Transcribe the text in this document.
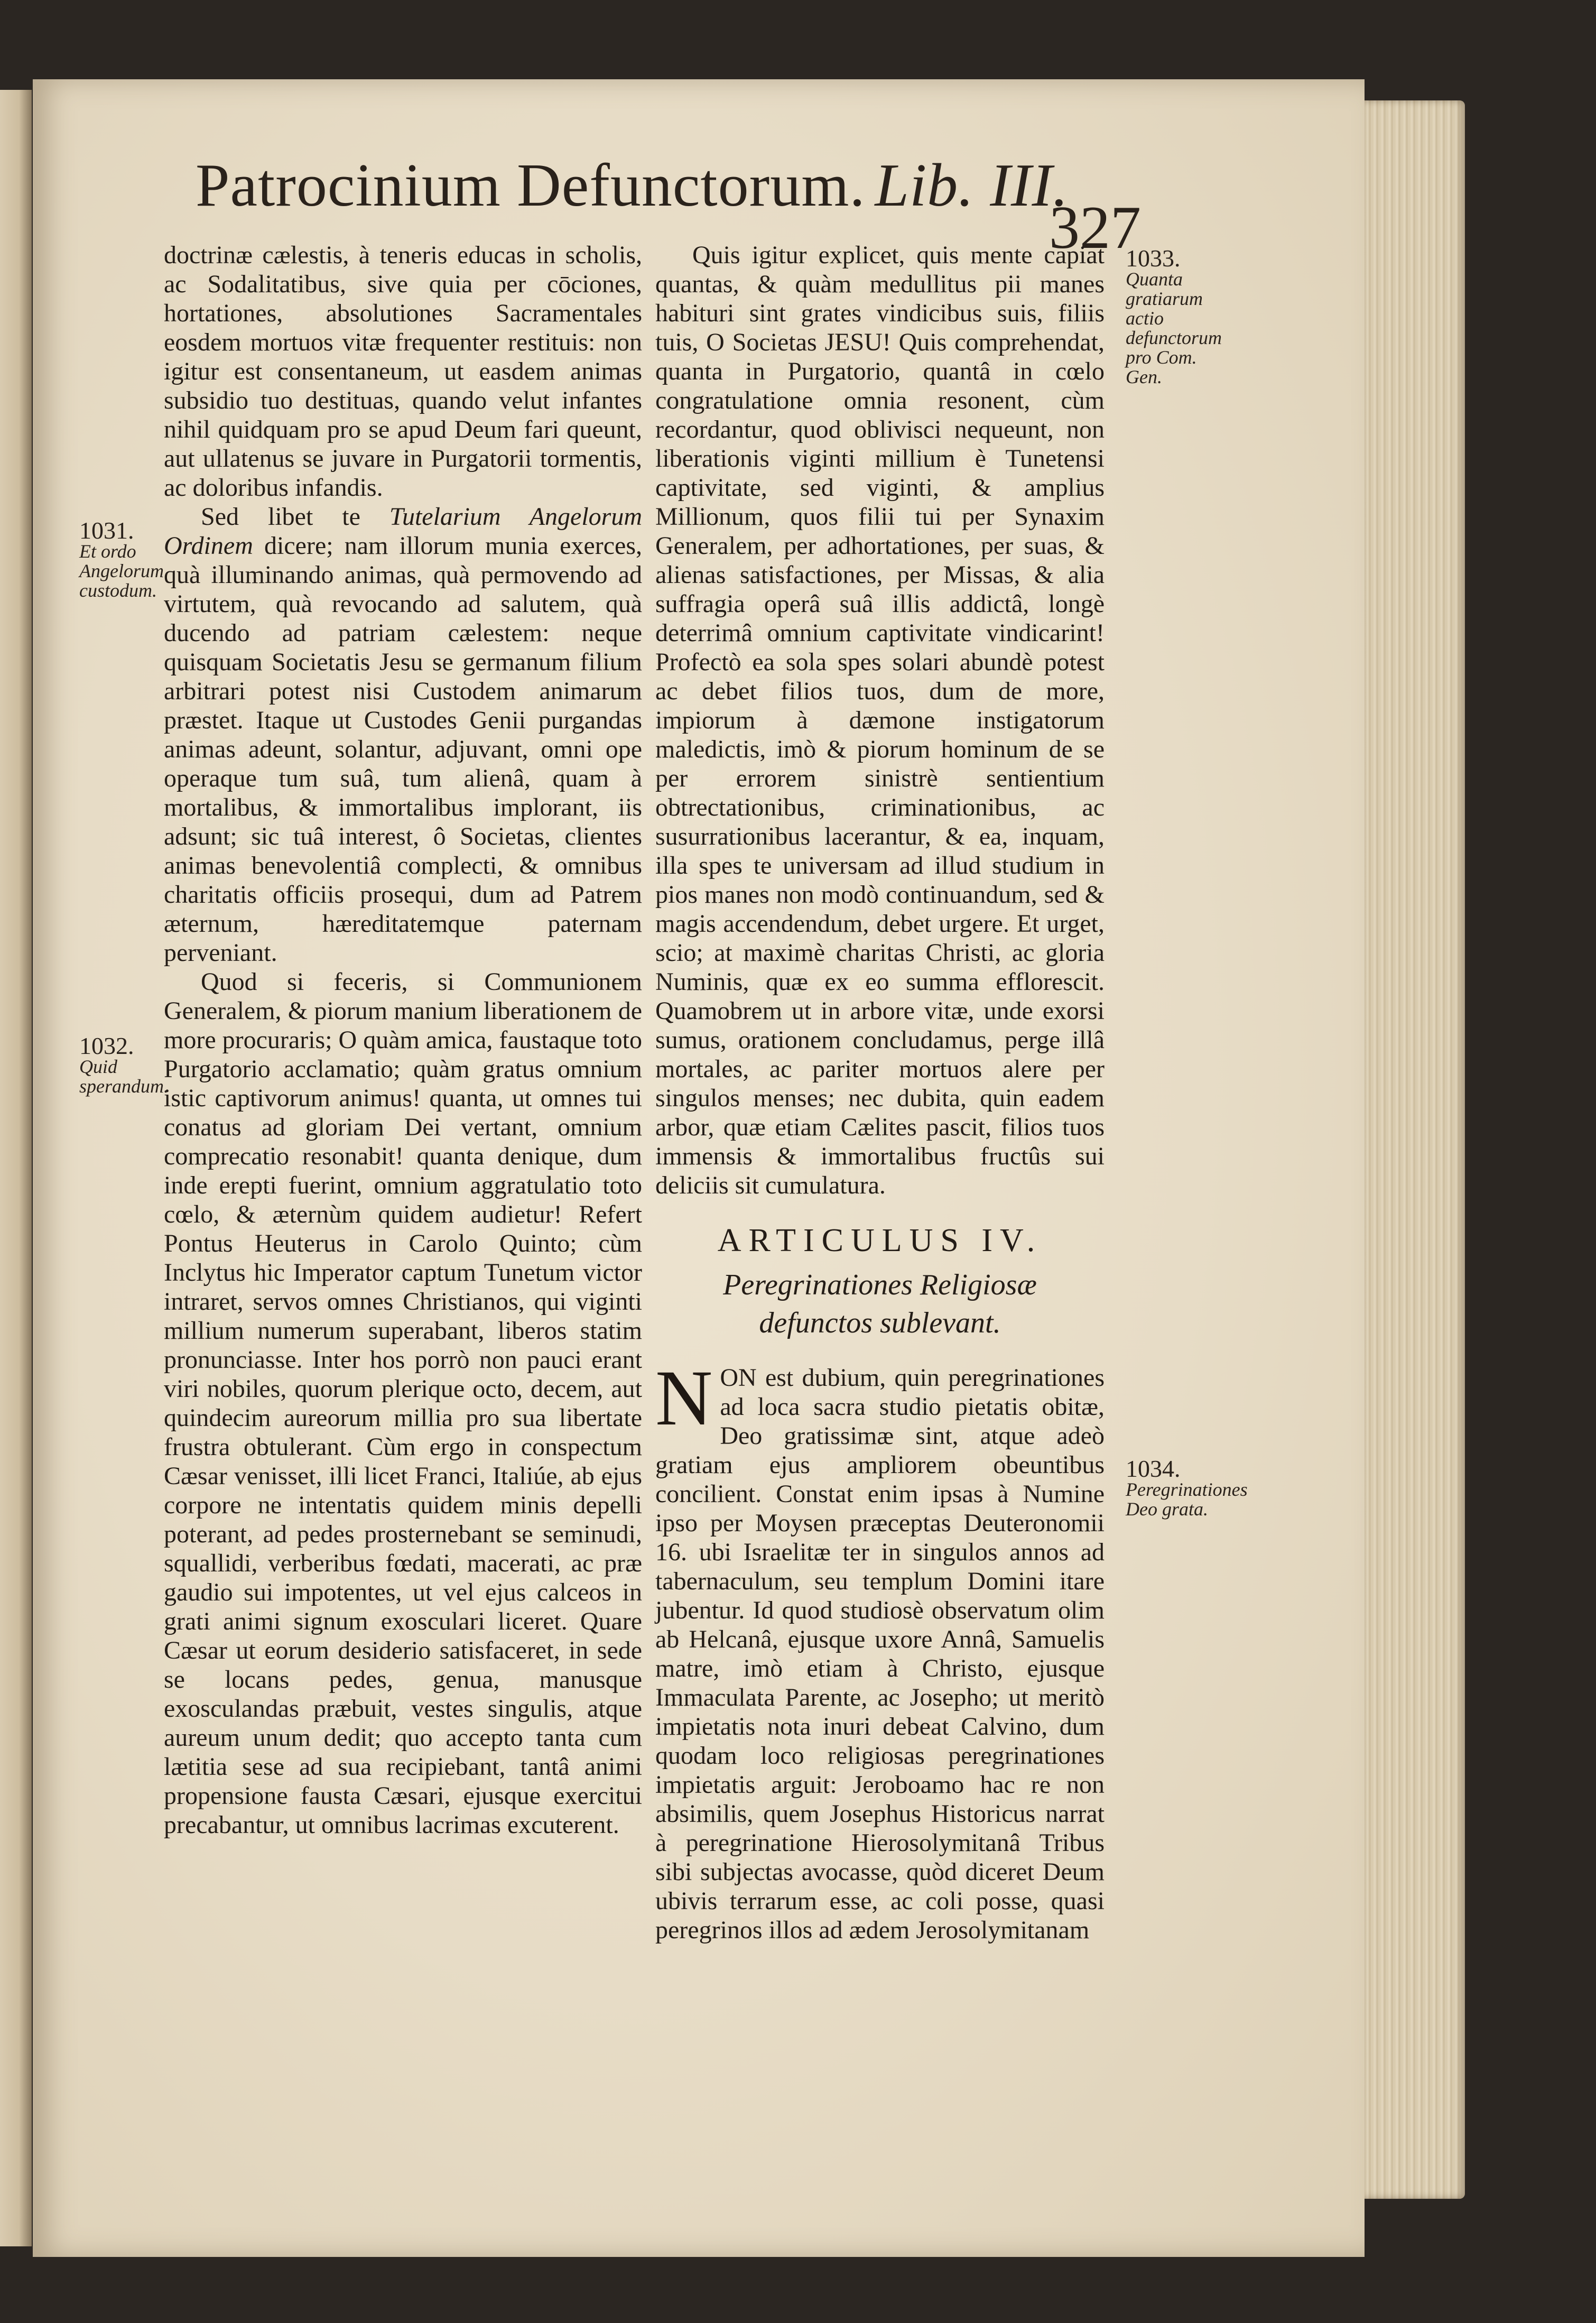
Patrocinium Defunctorum. Lib. III.
327

doctrinæ cælestis, à teneris educas in scholis, ac Sodalitatibus, sive quia per cōciones, hortationes, absolutiones Sacramentales eosdem mortuos vitæ frequenter restituis: non igitur est consentaneum, ut easdem animas subsidio tuo destituas, quando velut infantes nihil quidquam pro se apud Deum fari queunt, aut ullatenus se juvare in Purgatorii tormentis, ac doloribus infandis.

Sed libet te Tutelarium Angelorum Ordinem dicere; nam illorum munia exerces, quà illuminando animas, quà permovendo ad virtutem, quà revocando ad salutem, quà ducendo ad patriam cælestem: neque quisquam Societatis Jesu se germanum filium arbitrari potest nisi Custodem animarum præstet. Itaque ut Custodes Genii purgandas animas adeunt, solantur, adjuvant, omni ope operaque tum suâ, tum alienâ, quam à mortalibus, & immortalibus implorant, iis adsunt; sic tuâ interest, ô Societas, clientes animas benevolentiâ complecti, & omnibus charitatis officiis prosequi, dum ad Patrem æternum, hæreditatemque paternam perveniant.

Quod si feceris, si Communionem Generalem, & piorum manium liberationem de more procuraris; O quàm amica, faustaque toto Purgatorio acclamatio; quàm gratus omnium istic captivorum animus! quanta, ut omnes tui conatus ad gloriam Dei vertant, omnium comprecatio resonabit! quanta denique, dum inde erepti fuerint, omnium aggratulatio toto cœlo, & æternùm quidem audietur! Refert Pontus Heuterus in Carolo Quinto; cùm Inclytus hic Imperator captum Tunetum victor intraret, servos omnes Christianos, qui viginti millium numerum superabant, liberos statim pronunciasse. Inter hos porrò non pauci erant viri nobiles, quorum plerique octo, decem, aut quindecim aureorum millia pro sua libertate frustra obtulerant. Cùm ergo in conspectum Cæsar venisset, illi licet Franci, Italiúe, ab ejus corpore ne intentatis quidem minis depelli poterant, ad pedes prosternebant se seminudi, squallidi, verberibus fœdati, macerati, ac præ gaudio sui impotentes, ut vel ejus calceos in grati animi signum exosculari liceret. Quare Cæsar ut eorum desiderio satisfaceret, in sede se locans pedes, genua, manusque exosculandas præbuit, vestes singulis, atque aureum unum dedit; quo accepto tanta cum lætitia sese ad sua recipiebant, tantâ animi propensione fausta Cæsari, ejusque exercitui precabantur, ut omnibus lacrimas excuterent.

1031.
Et ordo Angelorum custodum.
1032.
Quid sperandum.

Quis igitur explicet, quis mente capiat quantas, & quàm medullitus pii manes habituri sint grates vindicibus suis, filiis tuis, O Societas JESU! Quis comprehendat, quanta in Purgatorio, quantâ in cœlo congratulatione omnia resonent, cùm recordantur, quod oblivisci nequeunt, non liberationis viginti millium è Tunetensi captivitate, sed viginti, & amplius Millionum, quos filii tui per Synaxim Generalem, per adhortationes, per suas, & alienas satisfactiones, per Missas, & alia suffragia operâ suâ illis addictâ, longè deterrimâ omnium captivitate vindicarint! Profectò ea sola spes solari abundè potest ac debet filios tuos, dum de more, impiorum à dæmone instigatorum maledictis, imò & piorum hominum de se per errorem sinistrè sentientium obtrectationibus, criminationibus, ac susurrationibus lacerantur, & ea, inquam, illa spes te universam ad illud studium in pios manes non modò continuandum, sed & magis accendendum, debet urgere. Et urget, scio; at maximè charitas Christi, ac gloria Numinis, quæ ex eo summa efflorescit. Quamobrem ut in arbore vitæ, unde exorsi sumus, orationem concludamus, perge illâ mortales, ac pariter mortuos alere per singulos menses; nec dubita, quin eadem arbor, quæ etiam Cælites pascit, filios tuos immensis & immortalibus fructûs sui deliciis sit cumulatura.

ARTICULUS IV.
Peregrinationes Religiosæ defunctos sublevant.

NON est dubium, quin peregrinationes ad loca sacra studio pietatis obitæ, Deo gratissimæ sint, atque adeò gratiam ejus ampliorem obeuntibus concilient. Constat enim ipsas à Numine ipso per Moysen præceptas Deuteronomii 16. ubi Israelitæ ter in singulos annos ad tabernaculum, seu templum Domini itare jubentur. Id quod studiosè observatum olim ab Helcanâ, ejusque uxore Annâ, Samuelis matre, imò etiam à Christo, ejusque Immaculata Parente, ac Josepho; ut meritò impietatis nota inuri debeat Calvino, dum quodam loco religiosas peregrinationes impietatis arguit: Jeroboamo hac re non absimilis, quem Josephus Historicus narrat à peregrinatione Hierosolymitanâ Tribus sibi subjectas avocasse, quòd diceret Deum ubivis terrarum esse, ac coli posse, quasi peregrinos illos ad ædem Jerosolymitanam

1033.
Quanta gratiarum actio defunctorum pro Com. Gen.
1034.
Peregrinationes Deo grata.
